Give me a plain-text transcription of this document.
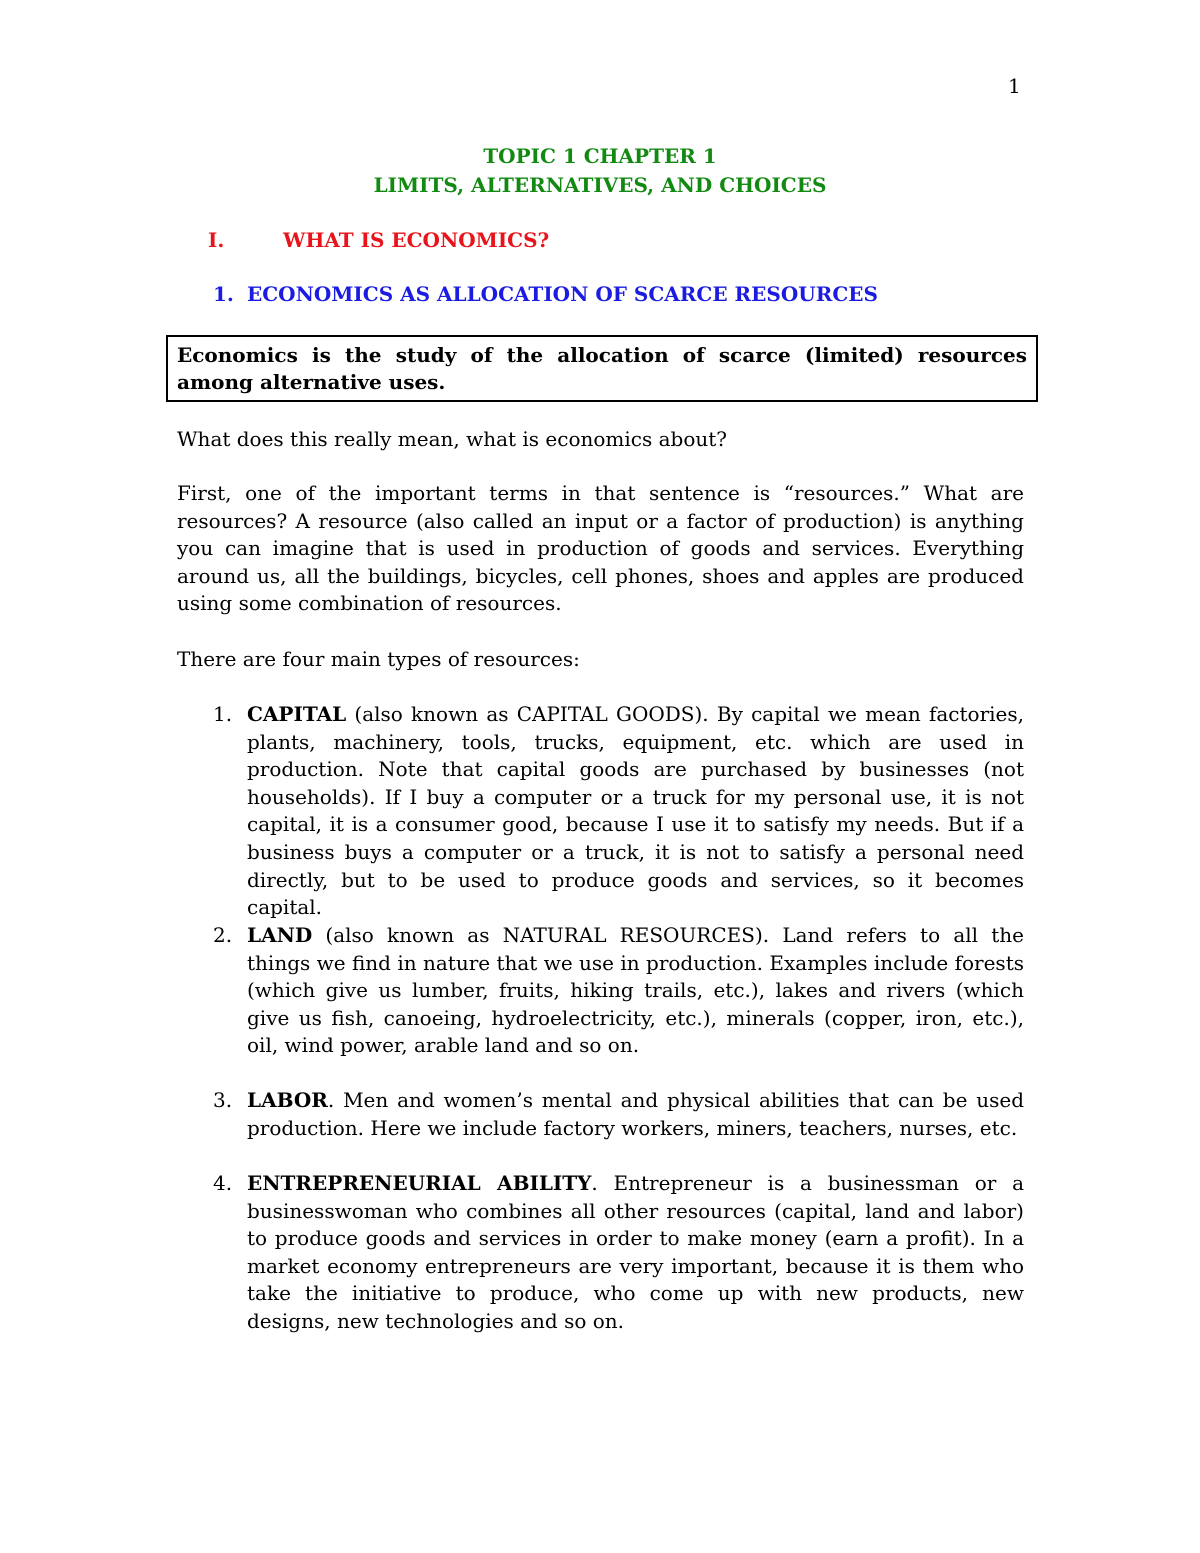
1
TOPIC 1 CHAPTER 1
LIMITS, ALTERNATIVES, AND CHOICES
I.	WHAT IS ECONOMICS?
1. ECONOMICS AS ALLOCATION OF SCARCE RESOURCES
Economics is the study of the allocation of scarce (limited) resources among alternative uses.
What does this really mean, what is economics about?
First, one of the important terms in that sentence is “resources.” What are resources? A resource (also called an input or a factor of production) is anything you can imagine that is used in production of goods and services. Everything around us, all the buildings, bicycles, cell phones, shoes and apples are produced using some combination of resources.
There are four main types of resources:
1. CAPITAL (also known as CAPITAL GOODS). By capital we mean factories, plants, machinery, tools, trucks, equipment, etc. which are used in production. Note that capital goods are purchased by businesses (not households). If I buy a computer or a truck for my personal use, it is not capital, it is a consumer good, because I use it to satisfy my needs. But if a business buys a computer or a truck, it is not to satisfy a personal need directly, but to be used to produce goods and services, so it becomes capital.
2. LAND (also known as NATURAL RESOURCES). Land refers to all the things we find in nature that we use in production. Examples include forests (which give us lumber, fruits, hiking trails, etc.), lakes and rivers (which give us fish, canoeing, hydroelectricity, etc.), minerals (copper, iron, etc.), oil, wind power, arable land and so on.
3. LABOR. Men and women’s mental and physical abilities that can be used production. Here we include factory workers, miners, teachers, nurses, etc.
4. ENTREPRENEURIAL ABILITY. Entrepreneur is a businessman or a businesswoman who combines all other resources (capital, land and labor) to produce goods and services in order to make money (earn a profit). In a market economy entrepreneurs are very important, because it is them who take the initiative to produce, who come up with new products, new designs, new technologies and so on.
